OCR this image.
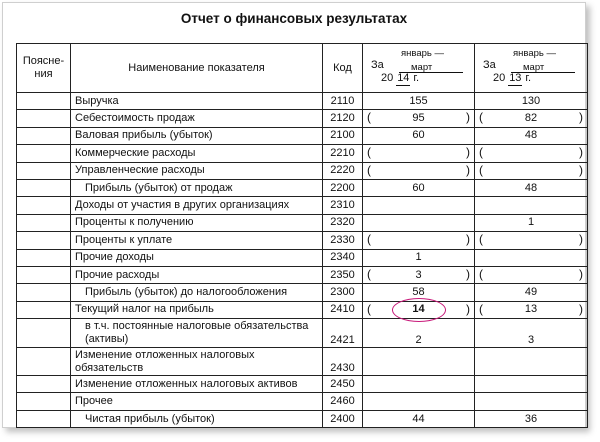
Отчет о финансовых результатах
Поясне-
ния	Наименование показателя	Код	За
январь —
март
20 14 г.	За
январь —
март
20 13 г.

	Выручка	2110	155	130
	Себестоимость продаж	2120	( 95 )	( 82 )

	Валовая прибыль (убыток)	2100	60	48
	Коммерческие расходы	2210	( )	( )

	Управленческие расходы	2220	( )	( )

	Прибыль (убыток) от продаж	2200	60	48
	Доходы от участия в других организациях	2310		
	Проценты к получению	2320		1
	Проценты к уплате	2330	( )	( )

	Прочие доходы	2340	1	
	Прочие расходы	2350	( 3 )	( )

	Прибыль (убыток) до налогообложения	2300	58	49
	Текущий налог на прибыль	2410	( 14 )	( 13 )

	в т.ч. постоянные налоговые обязательства (активы)	2421	2	3
	Изменение отложенных налоговых обязательств	2430		
	Изменение отложенных налоговых активов	2450		
	Прочее	2460		
	Чистая прибыль (убыток)	2400	44	36
